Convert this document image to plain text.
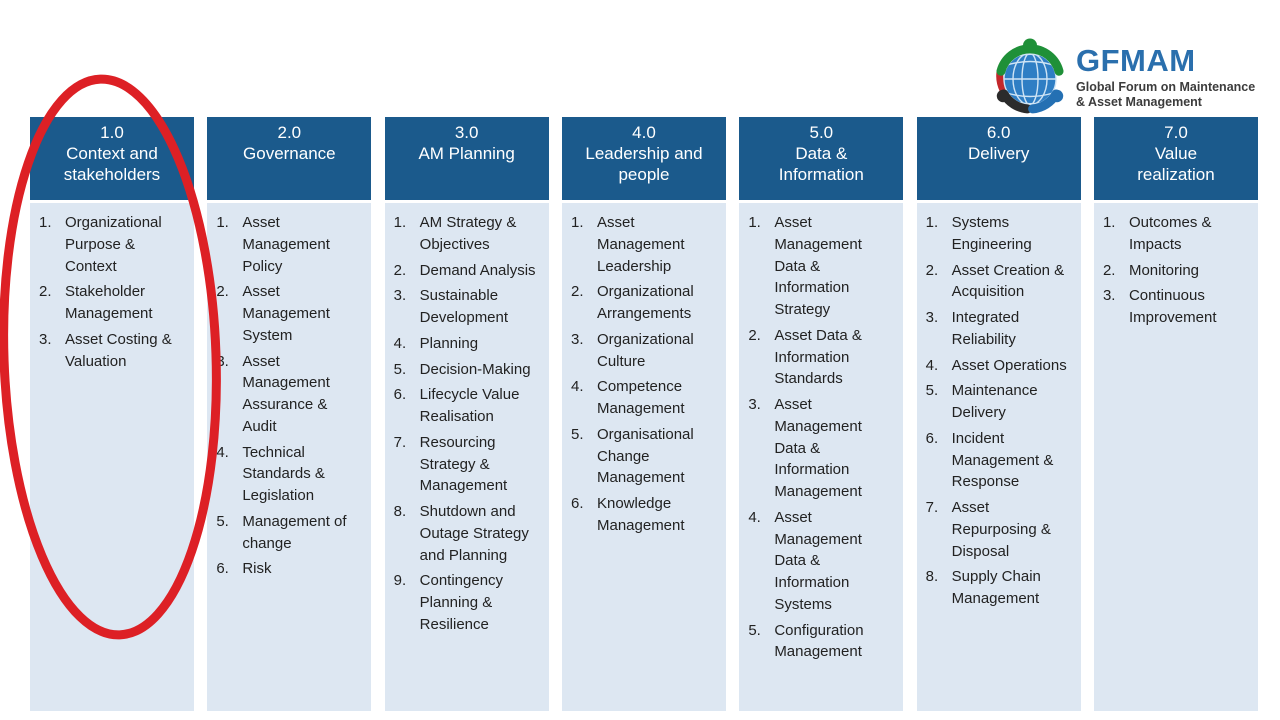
GFMAM
Global Forum on Maintenance
& Asset Management
1.0
Context and
stakeholders
1. Organizational Purpose & Context
2. Stakeholder Management
3. Asset Costing & Valuation
2.0
Governance
1. Asset Management Policy
2. Asset Management System
3. Asset Management Assurance & Audit
4. Technical Standards & Legislation
5. Management of change
6. Risk
3.0
AM Planning
1. AM Strategy & Objectives
2. Demand Analysis
3. Sustainable Development
4. Planning
5. Decision-Making
6. Lifecycle Value Realisation
7. Resourcing Strategy & Management
8. Shutdown and Outage Strategy and Planning
9. Contingency Planning & Resilience
4.0
Leadership and
people
1. Asset Management Leadership
2. Organizational Arrangements
3. Organizational Culture
4. Competence Management
5. Organisational Change Management
6. Knowledge Management
5.0
Data &
Information
1. Asset Management Data & Information Strategy
2. Asset Data & Information Standards
3. Asset Management Data & Information Management
4. Asset Management Data & Information Systems
5. Configuration Management
6.0
Delivery
1. Systems Engineering
2. Asset Creation & Acquisition
3. Integrated Reliability
4. Asset Operations
5. Maintenance Delivery
6. Incident Management & Response
7. Asset Repurposing & Disposal
8. Supply Chain Management
7.0
Value
realization
1. Outcomes & Impacts
2. Monitoring
3. Continuous Improvement
